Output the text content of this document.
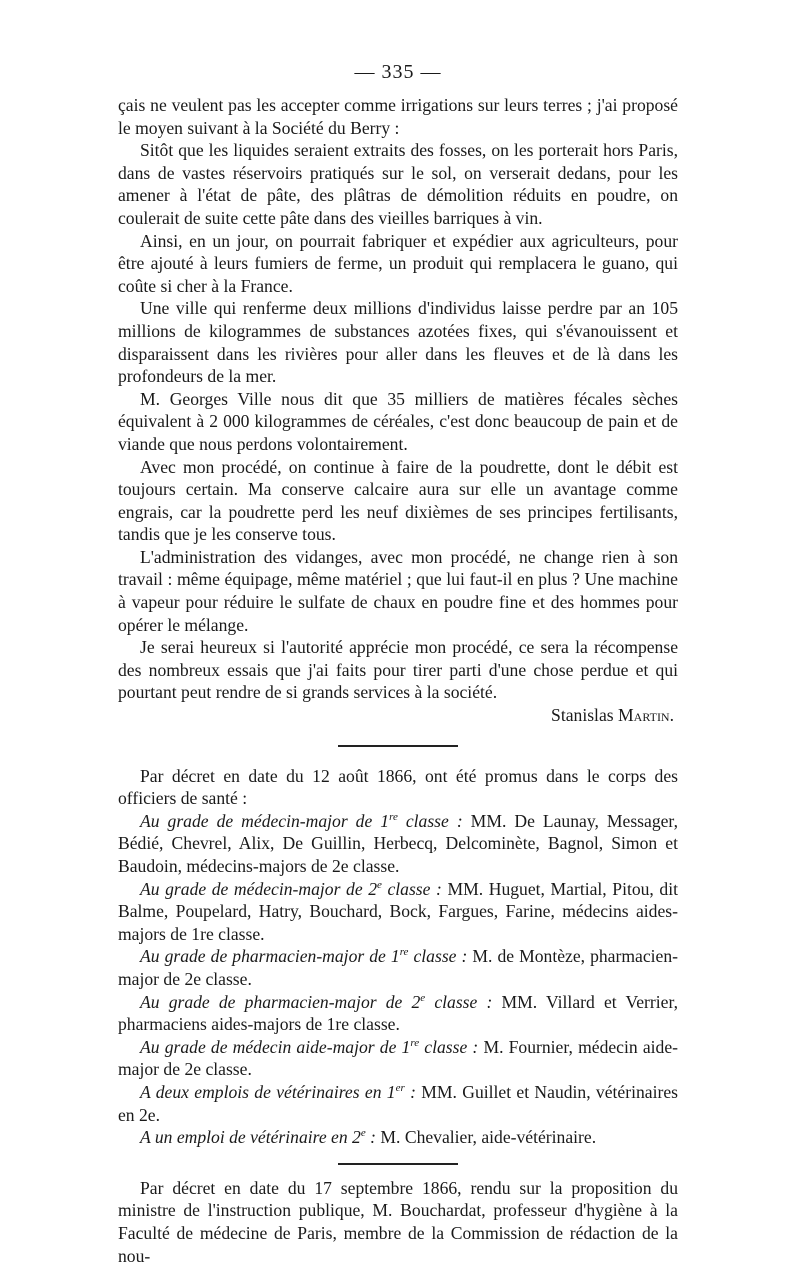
— 335 —

çais ne veulent pas les accepter comme irrigations sur leurs terres ; j'ai proposé le moyen suivant à la Société du Berry :

Sitôt que les liquides seraient extraits des fosses, on les porterait hors Paris, dans de vastes réservoirs pratiqués sur le sol, on verserait dedans, pour les amener à l'état de pâte, des plâtras de démolition réduits en poudre, on coulerait de suite cette pâte dans des vieilles barriques à vin.

Ainsi, en un jour, on pourrait fabriquer et expédier aux agriculteurs, pour être ajouté à leurs fumiers de ferme, un produit qui remplacera le guano, qui coûte si cher à la France.

Une ville qui renferme deux millions d'individus laisse perdre par an 105 millions de kilogrammes de substances azotées fixes, qui s'évanouissent et disparaissent dans les rivières pour aller dans les fleuves et de là dans les profondeurs de la mer.

M. Georges Ville nous dit que 35 milliers de matières fécales sèches équivalent à 2 000 kilogrammes de céréales, c'est donc beaucoup de pain et de viande que nous perdons volontairement.

Avec mon procédé, on continue à faire de la poudrette, dont le débit est toujours certain. Ma conserve calcaire aura sur elle un avantage comme engrais, car la poudrette perd les neuf dixièmes de ses principes fertilisants, tandis que je les conserve tous.

L'administration des vidanges, avec mon procédé, ne change rien à son travail : même équipage, même matériel ; que lui faut-il en plus ? Une machine à vapeur pour réduire le sulfate de chaux en poudre fine et des hommes pour opérer le mélange.

Je serai heureux si l'autorité apprécie mon procédé, ce sera la récompense des nombreux essais que j'ai faits pour tirer parti d'une chose perdue et qui pourtant peut rendre de si grands services à la société.

Stanislas Martin.

Par décret en date du 12 août 1866, ont été promus dans le corps des officiers de santé :

Au grade de médecin-major de 1re classe : MM. De Launay, Messager, Bédié, Chevrel, Alix, De Guillin, Herbecq, Delcominète, Bagnol, Simon et Baudoin, médecins-majors de 2e classe.

Au grade de médecin-major de 2e classe : MM. Huguet, Martial, Pitou, dit Balme, Poupelard, Hatry, Bouchard, Bock, Fargues, Farine, médecins aides-majors de 1re classe.

Au grade de pharmacien-major de 1re classe : M. de Montèze, pharmacien-major de 2e classe.

Au grade de pharmacien-major de 2e classe : MM. Villard et Verrier, pharmaciens aides-majors de 1re classe.

Au grade de médecin aide-major de 1re classe : M. Fournier, médecin aide-major de 2e classe.

A deux emplois de vétérinaires en 1er : MM. Guillet et Naudin, vétérinaires en 2e.

A un emploi de vétérinaire en 2e : M. Chevalier, aide-vétérinaire.

Par décret en date du 17 septembre 1866, rendu sur la proposition du ministre de l'instruction publique, M. Bouchardat, professeur d'hygiène à la Faculté de médecine de Paris, membre de la Commission de rédaction de la nou-
